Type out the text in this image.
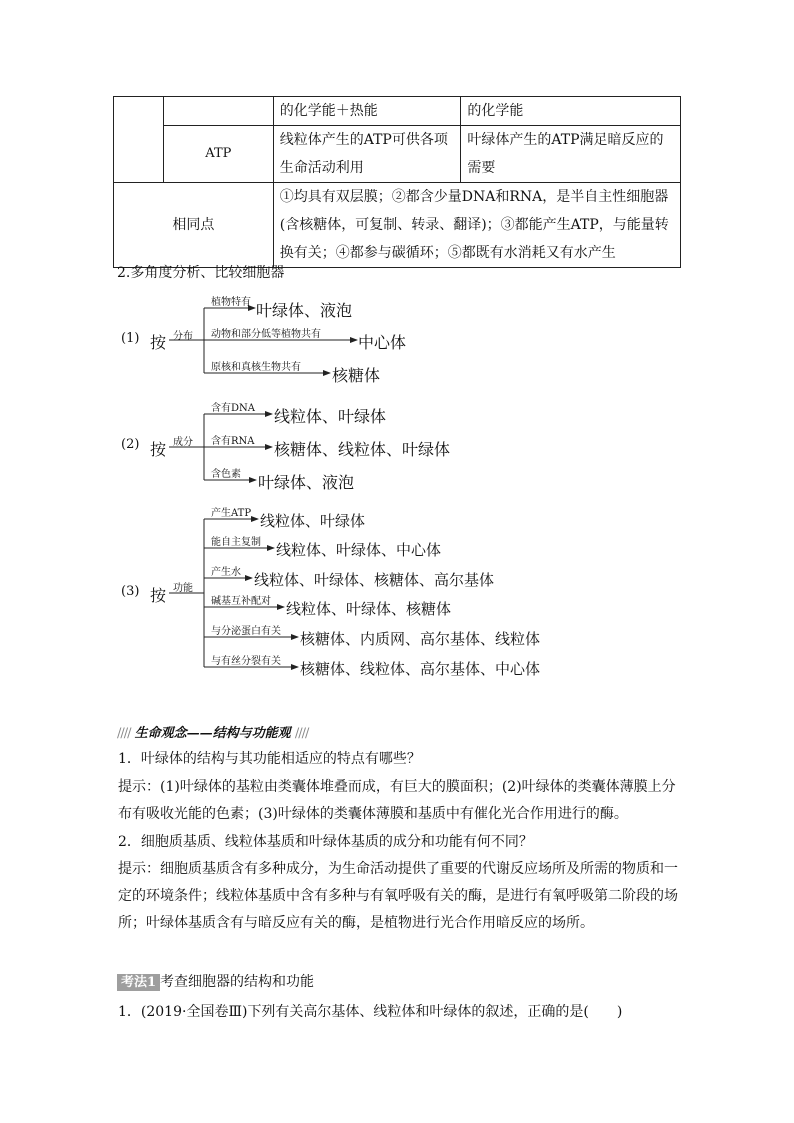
		的化学能＋热能	的化学能
	ATP	线粒体产生的ATP可供各项生命活动利用	叶绿体产生的ATP满足暗反应的需要
相同点		①均具有双层膜；②都含少量DNA和RNA，是半自主性细胞器(含核糖体，可复制、转录、翻译)；③都能产生ATP，与能量转换有关；④都参与碳循环；⑤都既有水消耗又有水产生	
2.多角度分析、比较细胞器
(1) 按 分布
植物特有 叶绿体、液泡
动物和部分低等植物共有 中心体
原核和真核生物共有 核糖体
(2) 按 成分
含有DNA 线粒体、叶绿体
含有RNA 核糖体、线粒体、叶绿体
含色素 叶绿体、液泡
(3) 按 功能
产生ATP 线粒体、叶绿体
能自主复制 线粒体、叶绿体、中心体
产生水 线粒体、叶绿体、核糖体、高尔基体
碱基互补配对 线粒体、叶绿体、核糖体
与分泌蛋白有关 核糖体、内质网、高尔基体、线粒体
与有丝分裂有关 核糖体、线粒体、高尔基体、中心体
//// 生命观念——结构与功能观 ////
1．叶绿体的结构与其功能相适应的特点有哪些？
提示：(1)叶绿体的基粒由类囊体堆叠而成，有巨大的膜面积；(2)叶绿体的类囊体薄膜上分布有吸收光能的色素；(3)叶绿体的类囊体薄膜和基质中有催化光合作用进行的酶。
2．细胞质基质、线粒体基质和叶绿体基质的成分和功能有何不同？
提示：细胞质基质含有多种成分，为生命活动提供了重要的代谢反应场所及所需的物质和一定的环境条件；线粒体基质中含有多种与有氧呼吸有关的酶，是进行有氧呼吸第二阶段的场所；叶绿体基质含有与暗反应有关的酶，是植物进行光合作用暗反应的场所。
考法1 考查细胞器的结构和功能
1．(2019·全国卷Ⅲ)下列有关高尔基体、线粒体和叶绿体的叙述，正确的是(　　)
